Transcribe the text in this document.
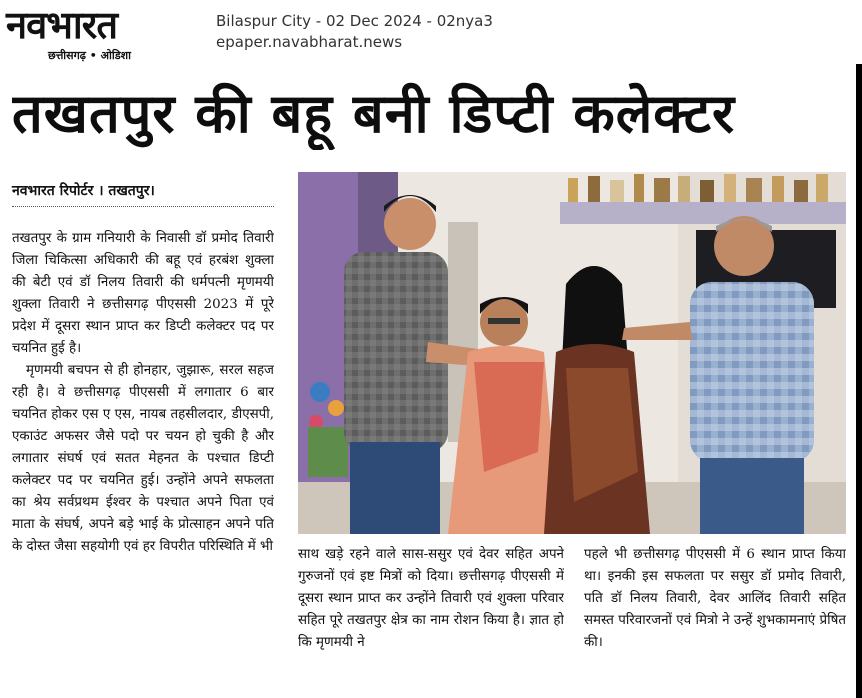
नवभारत
छत्तीसगढ़ • ओडिशा
Bilaspur City - 02 Dec 2024 - 02nya3
epaper.navabharat.news
तखतपुर की बहू बनी डिप्टी कलेक्टर
नवभारत रिपोर्टर । तखतपुर।

तखतपुर के ग्राम गनियारी के निवासी डॉ प्रमोद तिवारी जिला चिकित्सा अधिकारी की बहू एवं हरबंश शुक्ला की बेटी एवं डॉ निलय तिवारी की धर्मपत्नी मृणमयी शुक्ला तिवारी ने छत्तीसगढ़ पीएससी 2023 में पूरे प्रदेश में दूसरा स्थान प्राप्त कर डिप्टी कलेक्टर पद पर चयनित हुई है।

मृणमयी बचपन से ही होनहार, जुझारू, सरल सहज रही है। वे छत्तीसगढ़ पीएससी में लगातार 6 बार चयनित होकर एस ए एस, नायब तहसीलदार, डीएसपी, एकाउंट अफसर जैसे पदो पर चयन हो चुकी है और लगातार संघर्ष एवं सतत मेहनत के पश्चात डिप्टी कलेक्टर पद पर चयनित हुई। उन्होंने अपने सफलता का श्रेय सर्वप्रथम ईश्वर के पश्चात अपने पिता एवं माता के संघर्ष, अपने बड़े भाई के प्रोत्साहन अपने पति के दोस्त जैसा सहयोगी एवं हर विपरीत परिस्थिति में भी

साथ खड़े रहने वाले सास-ससुर एवं देवर सहित अपने गुरुजनों एवं इष्ट मित्रों को दिया। छत्तीसगढ़ पीएससी में दूसरा स्थान प्राप्त कर उन्होंने तिवारी एवं शुक्ला परिवार सहित पूरे तखतपुर क्षेत्र का नाम रोशन किया है। ज्ञात हो कि मृणमयी ने
पहले भी छत्तीसगढ़ पीएससी में 6 स्थान प्राप्त किया था। इनकी इस सफलता पर ससुर डॉ प्रमोद तिवारी, पति डॉ निलय तिवारी, देवर आलिंद तिवारी सहित समस्त परिवारजनों एवं मित्रो ने उन्हें शुभकामनाएं प्रेषित की।
